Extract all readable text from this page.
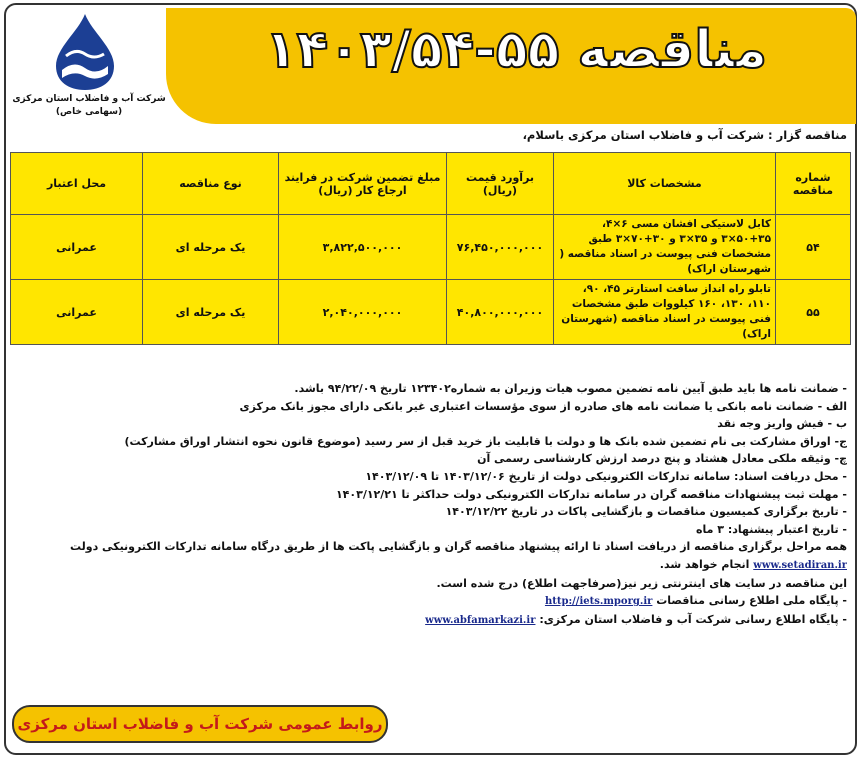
شرکت آب و فاضلاب استان مرکزی
(سهامی خاص)
مناقصه ۵۵-۱۴۰۳/۵۴
مناقصه گزار : شرکت آب و فاضلاب استان مرکزی باسلام،
شماره مناقصه	مشخصات کالا	برآورد قیمت (ریال)	مبلغ تضمین شرکت در فرایند ارجاع کار (ریال)	نوع مناقصه	محل اعتبار
۵۴	کابل لاستیکی افشان مسی ۶×۴، ۳۵+۵۰×۳ و ۳۵×۳ و ۳۰+۷۰×۳ طبق مشخصات فنی پیوست در اسناد مناقصه ( شهرستان اراک)	۷۶,۴۵۰,۰۰۰,۰۰۰	۳,۸۲۲,۵۰۰,۰۰۰	یک مرحله ای	عمرانی
۵۵	تابلو راه انداز سافت استارتر ۴۵، ۹۰، ۱۱۰، ۱۳۰، ۱۶۰ کیلووات طبق مشخصات فنی پیوست در اسناد مناقصه (شهرستان اراک)	۴۰,۸۰۰,۰۰۰,۰۰۰	۲,۰۴۰,۰۰۰,۰۰۰	یک مرحله ای	عمرانی
- ضمانت نامه ها باید طبق آیین نامه تضمین مصوب هیات وزیران به شماره۱۲۳۴۰۲ تاریخ ۹۴/۲۲/۰۹ باشد.
الف - ضمانت نامه بانکی یا ضمانت نامه های صادره از سوی مؤسسات اعتباری غیر بانکی دارای مجوز بانک مرکزی
ب - فیش واریز وجه نقد
ج- اوراق مشارکت بی نام تضمین شده بانک ها و دولت با قابلیت باز خرید قبل از سر رسید (موضوع قانون نحوه انتشار اوراق مشارکت)
چ- وثیقه ملکی معادل هشتاد و پنج درصد ارزش کارشناسی رسمی آن
- محل دریافت اسناد: سامانه تدارکات الکترونیکی دولت از تاریخ ۱۴۰۳/۱۲/۰۶ تا ۱۴۰۳/۱۲/۰۹
- مهلت ثبت پیشنهادات مناقصه گران در سامانه تدارکات الکترونیکی دولت حداکثر تا ۱۴۰۳/۱۲/۲۱
- تاریخ برگزاری کمیسیون مناقصات و بازگشایی پاکات در تاریخ ۱۴۰۳/۱۲/۲۲
- تاریخ اعتبار پیشنهاد: ۳ ماه
همه مراحل برگزاری مناقصه از دریافت اسناد تا ارائه پیشنهاد مناقصه گران و بازگشایی پاکت ها از طریق درگاه سامانه تدارکات الکترونیکی دولت
www.setadiran.ir انجام خواهد شد.
این مناقصه در سایت های اینترنتی زیر نیز(صرفاجهت اطلاع) درج شده است.
- پایگاه ملی اطلاع رسانی مناقصات http://iets.mporg.ir
- پایگاه اطلاع رسانی شرکت آب و فاضلاب استان مرکزی: www.abfamarkazi.ir
روابط عمومی شرکت آب و فاضلاب استان مرکزی
